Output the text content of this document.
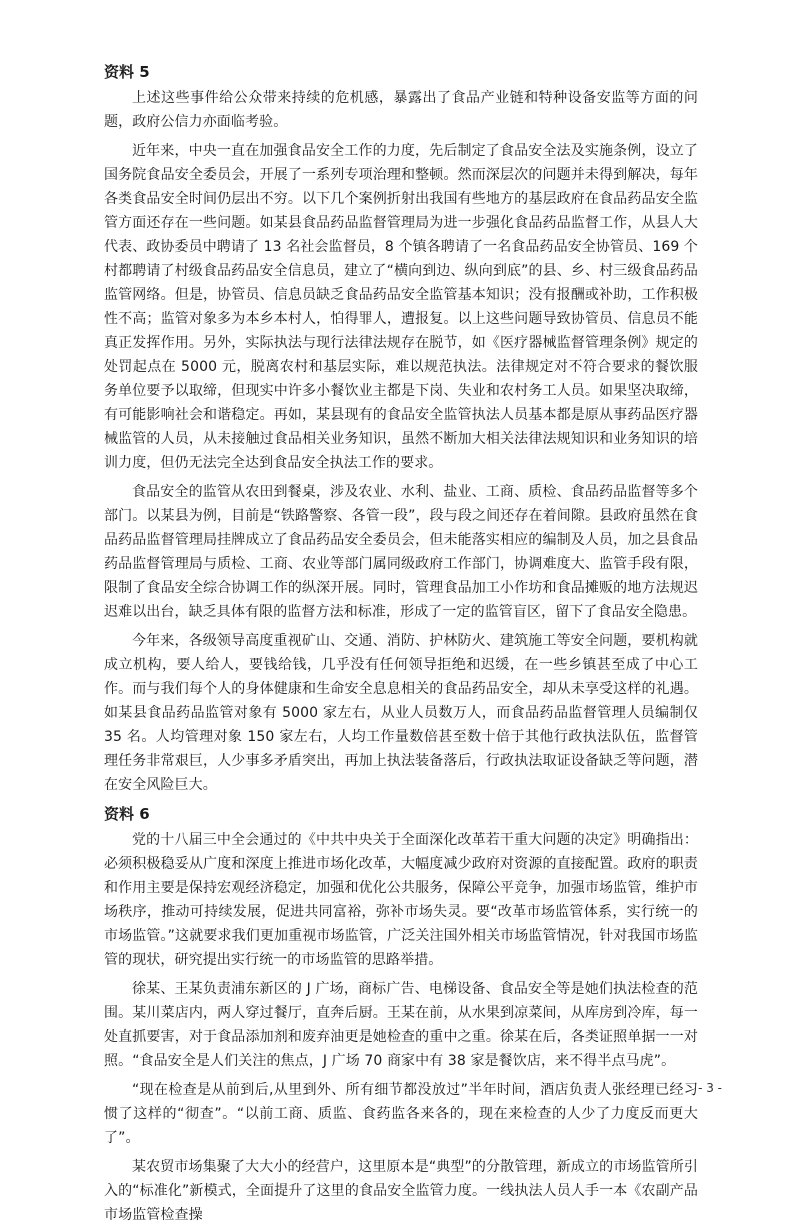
资料 5

上述这些事件给公众带来持续的危机感，暴露出了食品产业链和特种设备安监等方面的问题，政府公信力亦面临考验。

近年来，中央一直在加强食品安全工作的力度，先后制定了食品安全法及实施条例，设立了国务院食品安全委员会，开展了一系列专项治理和整顿。然而深层次的问题并未得到解决，每年各类食品安全时间仍层出不穷。以下几个案例折射出我国有些地方的基层政府在食品药品安全监管方面还存在一些问题。如某县食品药品监督管理局为进一步强化食品药品监督工作，从县人大代表、政协委员中聘请了 13 名社会监督员，8 个镇各聘请了一名食品药品安全协管员、169 个村都聘请了村级食品药品安全信息员，建立了“横向到边、纵向到底”的县、乡、村三级食品药品监管网络。但是，协管员、信息员缺乏食品药品安全监管基本知识；没有报酬或补助，工作积极性不高；监管对象多为本乡本村人，怕得罪人，遭报复。以上这些问题导致协管员、信息员不能真正发挥作用。另外，实际执法与现行法律法规存在脱节，如《医疗器械监督管理条例》规定的处罚起点在 5000 元，脱离农村和基层实际，难以规范执法。法律规定对不符合要求的餐饮服务单位要予以取缔，但现实中许多小餐饮业主都是下岗、失业和农村务工人员。如果坚决取缔，有可能影响社会和谐稳定。再如，某县现有的食品安全监管执法人员基本都是原从事药品医疗器械监管的人员，从未接触过食品相关业务知识，虽然不断加大相关法律法规知识和业务知识的培训力度，但仍无法完全达到食品安全执法工作的要求。

食品安全的监管从农田到餐桌，涉及农业、水利、盐业、工商、质检、食品药品监督等多个部门。以某县为例，目前是“铁路警察、各管一段”，段与段之间还存在着间隙。县政府虽然在食品药品监督管理局挂牌成立了食品药品安全委员会，但未能落实相应的编制及人员，加之县食品药品监督管理局与质检、工商、农业等部门属同级政府工作部门，协调难度大、监管手段有限，限制了食品安全综合协调工作的纵深开展。同时，管理食品加工小作坊和食品摊贩的地方法规迟迟难以出台，缺乏具体有限的监督方法和标准，形成了一定的监管盲区，留下了食品安全隐患。

今年来，各级领导高度重视矿山、交通、消防、护林防火、建筑施工等安全问题，要机构就成立机构，要人给人，要钱给钱，几乎没有任何领导拒绝和迟缓，在一些乡镇甚至成了中心工作。而与我们每个人的身体健康和生命安全息息相关的食品药品安全，却从未享受这样的礼遇。如某县食品药品监管对象有 5000 家左右，从业人员数万人，而食品药品监督管理人员编制仅 35 名。人均管理对象 150 家左右，人均工作量数倍甚至数十倍于其他行政执法队伍，监督管理任务非常艰巨，人少事多矛盾突出，再加上执法装备落后，行政执法取证设备缺乏等问题，潜在安全风险巨大。

资料 6

党的十八届三中全会通过的《中共中央关于全面深化改革若干重大问题的决定》明确指出：必须积极稳妥从广度和深度上推进市场化改革，大幅度减少政府对资源的直接配置。政府的职责和作用主要是保持宏观经济稳定，加强和优化公共服务，保障公平竞争，加强市场监管，维护市场秩序，推动可持续发展，促进共同富裕，弥补市场失灵。要“改革市场监管体系，实行统一的市场监管。”这就要求我们更加重视市场监管，广泛关注国外相关市场监管情况，针对我国市场监管的现状，研究提出实行统一的市场监管的思路举措。

徐某、王某负责浦东新区的 J 广场，商标广告、电梯设备、食品安全等是她们执法检查的范围。某川菜店内，两人穿过餐厅，直奔后厨。王某在前，从水果到凉菜间，从库房到冷库，每一处直抓要害，对于食品添加剂和废弃油更是她检查的重中之重。徐某在后，各类证照单据一一对照。“食品安全是人们关注的焦点，J 广场 70 商家中有 38 家是餐饮店，来不得半点马虎”。

“现在检查是从前到后,从里到外、所有细节都没放过”半年时间，酒店负责人张经理已经习惯了这样的“彻查”。“以前工商、质监、食药监各来各的，现在来检查的人少了力度反而更大了”。

某农贸市场集聚了大大小的经营户，这里原本是“典型”的分散管理，新成立的市场监管所引入的“标准化”新模式，全面提升了这里的食品安全监管力度。一线执法人员人手一本《农副产品市场监管检查操

- 3 -
